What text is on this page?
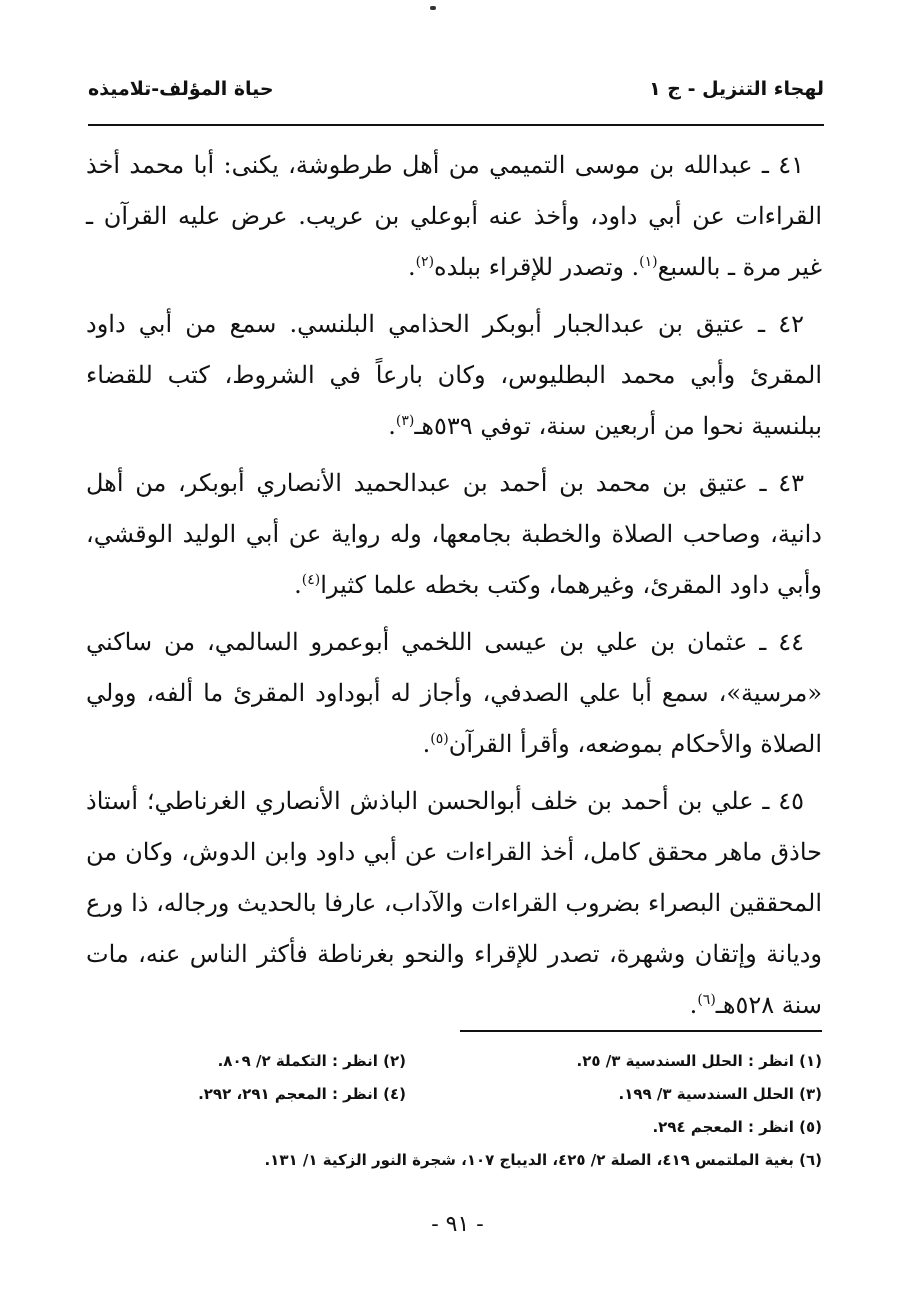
لهجاء التنزيل - ج ١
حياة المؤلف-تلاميذه

٤١ ـ عبدالله بن موسى التميمي من أهل طرطوشة، يكنى: أبا محمد أخذ القراءات عن أبي داود، وأخذ عنه أبوعلي بن عريب. عرض عليه القرآن ـ غير مرة ـ بالسبع$^{(١)}$. وتصدر للإقراء ببلده$^{(٢)}$.

٤٢ ـ عتيق بن عبدالجبار أبوبكر الحذامي البلنسي. سمع من أبي داود المقرئ وأبي محمد البطليوس، وكان بارعاً في الشروط، كتب للقضاء ببلنسية نحوا من أربعين سنة، توفي ٥٣٩هـ$^{(٣)}$.

٤٣ ـ عتيق بن محمد بن أحمد بن عبدالحميد الأنصاري أبوبكر، من أهل دانية، وصاحب الصلاة والخطبة بجامعها، وله رواية عن أبي الوليد الوقشي، وأبي داود المقرئ، وغيرهما، وكتب بخطه علما كثيرا$^{(٤)}$.

٤٤ ـ عثمان بن علي بن عيسى اللخمي أبوعمرو السالمي، من ساكني «مرسية»، سمع أبا علي الصدفي، وأجاز له أبوداود المقرئ ما ألفه، وولي الصلاة والأحكام بموضعه، وأقرأ القرآن$^{(٥)}$.

٤٥ ـ علي بن أحمد بن خلف أبوالحسن الباذش الأنصاري الغرناطي؛ أستاذ حاذق ماهر محقق كامل، أخذ القراءات عن أبي داود وابن الدوش، وكان من المحققين البصراء بضروب القراءات والآداب، عارفا بالحديث ورجاله، ذا ورع وديانة وإتقان وشهرة، تصدر للإقراء والنحو بغرناطة فأكثر الناس عنه، مات سنة ٥٢٨هـ$^{(٦)}$.

(١) انظر : الحلل السندسية ٣/ ٢٥.
(٢) انظر : التكملة ٢/ ٨٠٩.
(٣) الحلل السندسية ٣/ ١٩٩.
(٤) انظر : المعجم ٢٩١، ٢٩٢.
(٥) انظر : المعجم ٢٩٤.
(٦) بغية الملتمس ٤١٩، الصلة ٢/ ٤٢٥، الديباج ١٠٧، شجرة النور الزكية ١/ ١٣١.
- ٩١ -
